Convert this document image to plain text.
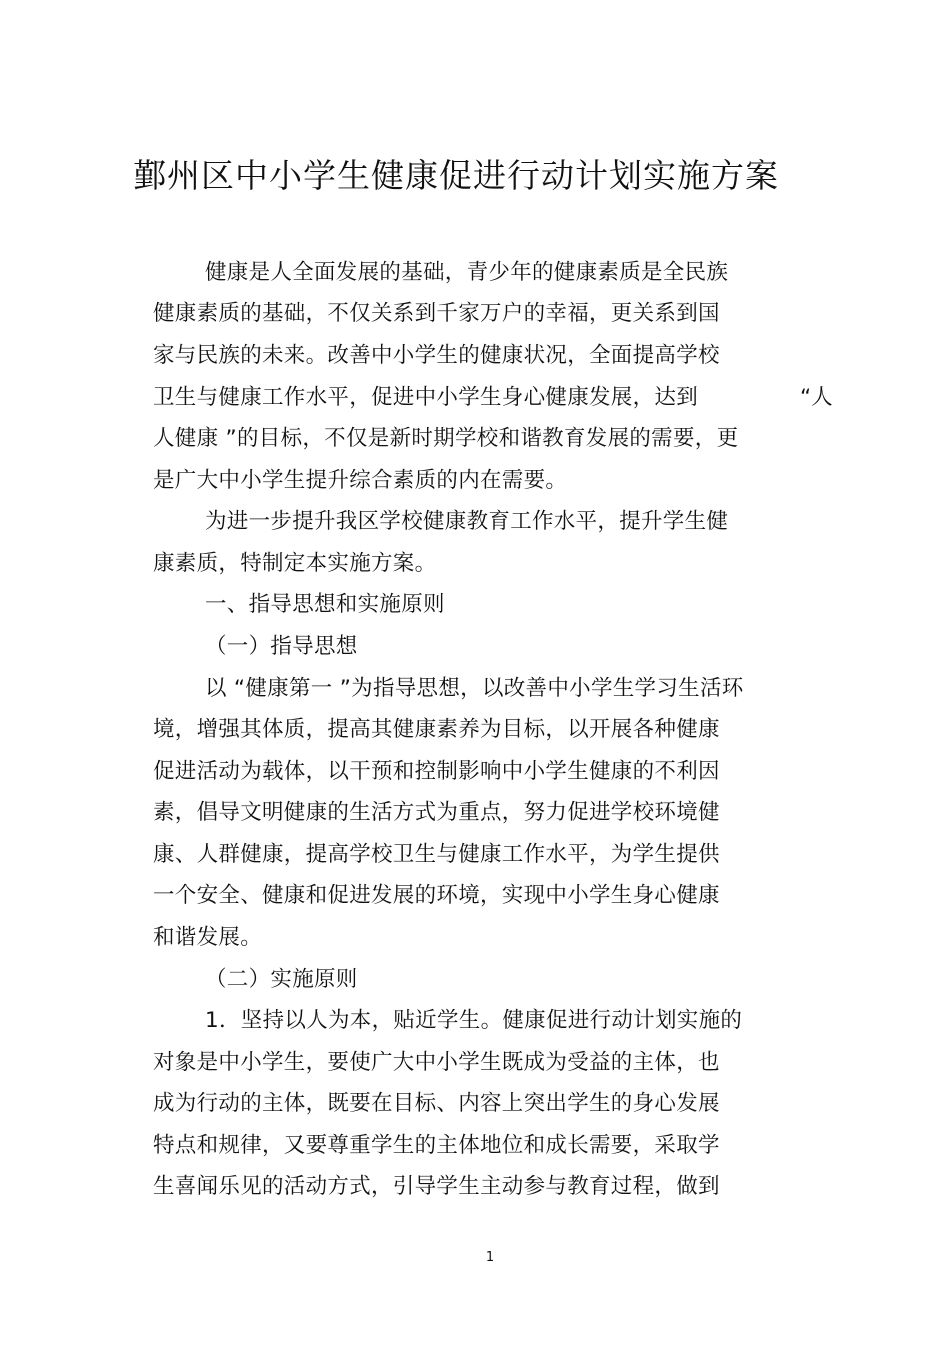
鄞州区中小学生健康促进行动计划实施方案
健康是人全面发展的基础，青少年的健康素质是全民族
健康素质的基础，不仅关系到千家万户的幸福，更关系到国
家与民族的未来。改善中小学生的健康状况，全面提高学校
卫生与健康工作水平，促进中小学生身心健康发展，达到	“人
人健康 ”的目标，不仅是新时期学校和谐教育发展的需要，更
是广大中小学生提升综合素质的内在需要。
为进一步提升我区学校健康教育工作水平，提升学生健
康素质，特制定本实施方案。
一、指导思想和实施原则
（一）指导思想
以 “健康第一 ”为指导思想，以改善中小学生学习生活环
境，增强其体质，提高其健康素养为目标，以开展各种健康
促进活动为载体，以干预和控制影响中小学生健康的不利因
素，倡导文明健康的生活方式为重点，努力促进学校环境健
康、人群健康，提高学校卫生与健康工作水平，为学生提供
一个安全、健康和促进发展的环境，实现中小学生身心健康
和谐发展。
（二）实施原则
1．坚持以人为本，贴近学生。健康促进行动计划实施的
对象是中小学生，要使广大中小学生既成为受益的主体，也
成为行动的主体，既要在目标、内容上突出学生的身心发展
特点和规律，又要尊重学生的主体地位和成长需要，采取学
生喜闻乐见的活动方式，引导学生主动参与教育过程，做到
1
